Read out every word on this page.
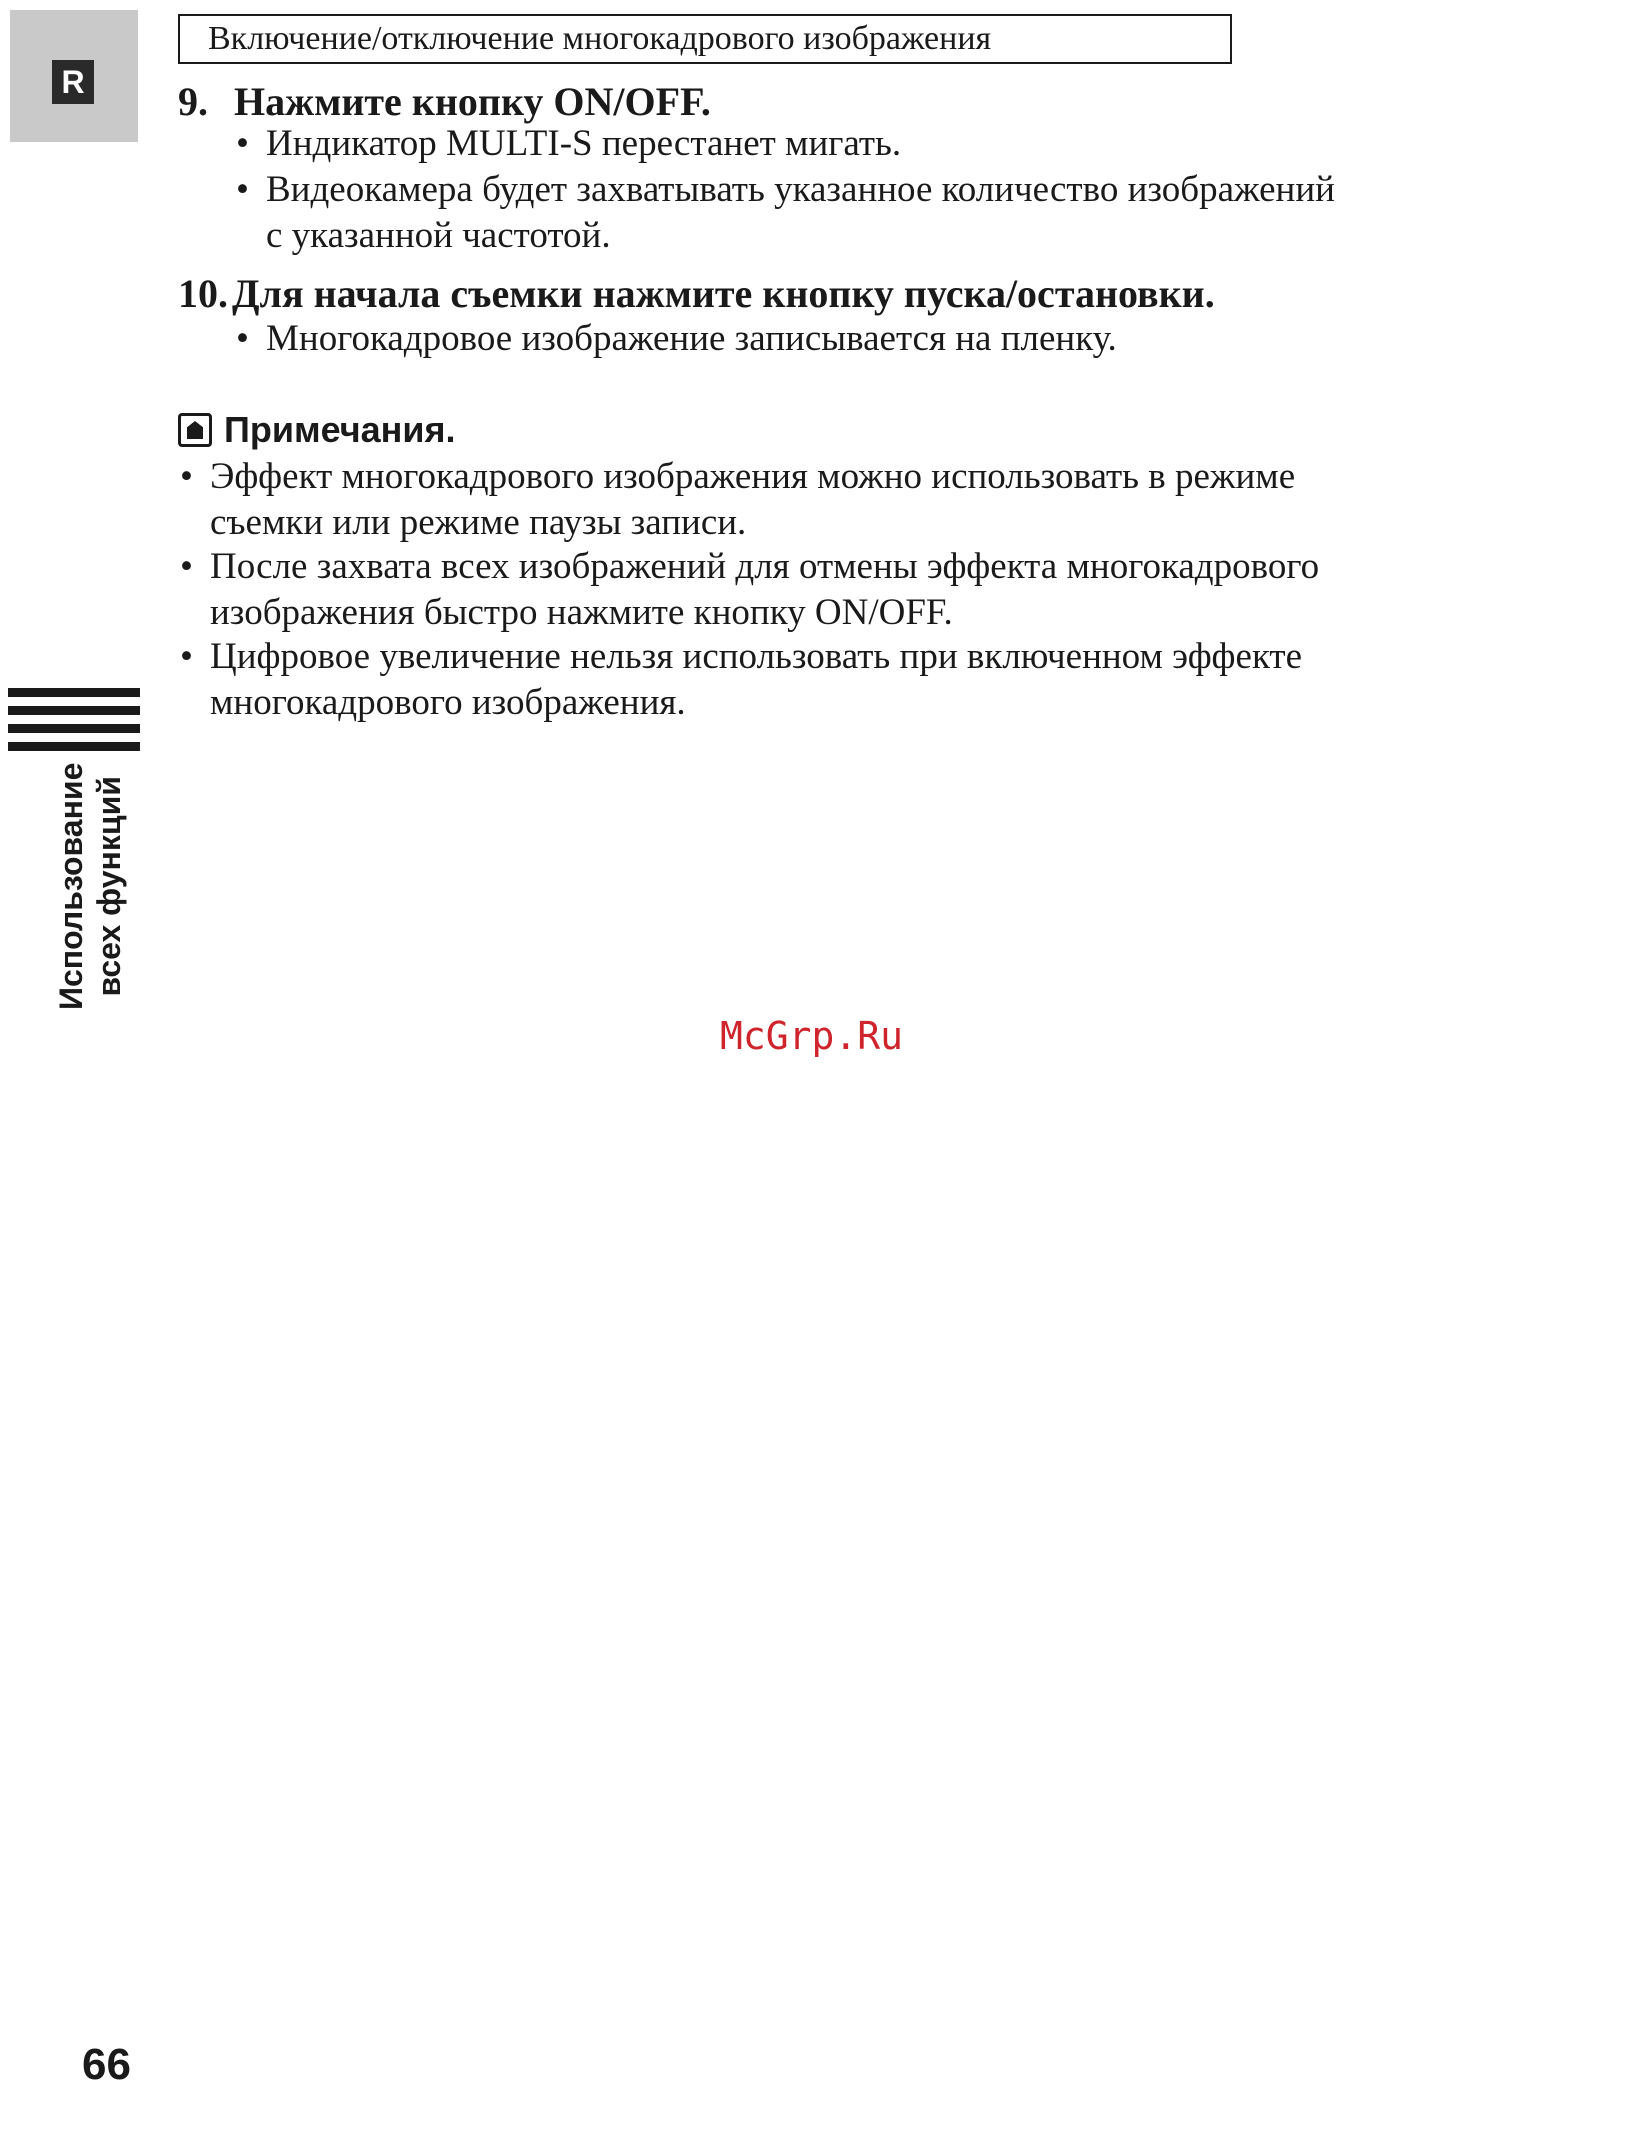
R
Включение/отключение многокадрового изображения
9. Нажмите кнопку ON/OFF.
• Индикатор MULTI-S перестанет мигать.
• Видеокамера будет захватывать указанное количество изображений
с указанной частотой.
10. Для начала съемки нажмите кнопку пуска/остановки.
• Многокадровое изображение записывается на пленку.
Примечания.
• Эффект многокадрового изображения можно использовать в режиме
съемки или режиме паузы записи.
• После захвата всех изображений для отмены эффекта многокадрового
изображения быстро нажмите кнопку ON/OFF.
• Цифровое увеличение нельзя использовать при включенном эффекте
многокадрового изображения.
Использование всех функций
McGrp.Ru
66
